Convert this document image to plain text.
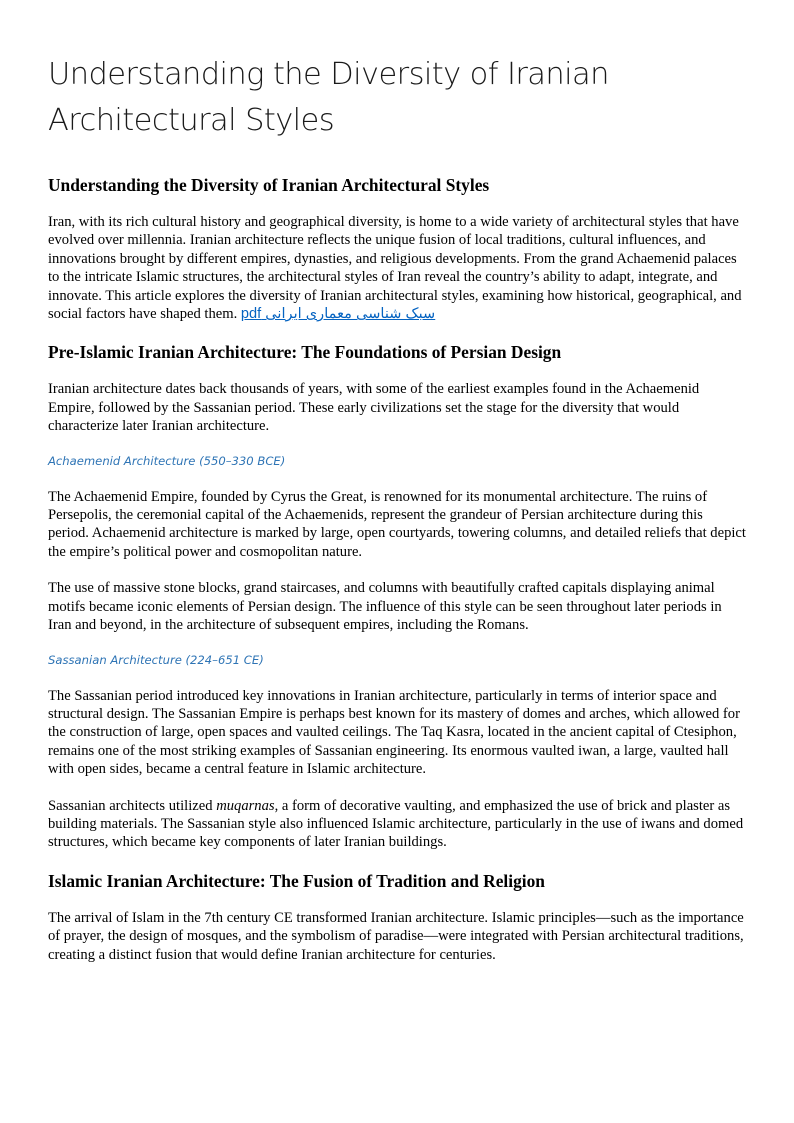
Understanding the Diversity of Iranian Architectural Styles
Understanding the Diversity of Iranian Architectural Styles

Iran, with its rich cultural history and geographical diversity, is home to a wide variety of architectural styles that have evolved over millennia. Iranian architecture reflects the unique fusion of local traditions, cultural influences, and innovations brought by different empires, dynasties, and religious developments. From the grand Achaemenid palaces to the intricate Islamic structures, the architectural styles of Iran reveal the country’s ability to adapt, integrate, and innovate. This article explores the diversity of Iranian architectural styles, examining how historical, geographical, and social factors have shaped them. سبک شناسی معماری ایرانی pdf

Pre-Islamic Iranian Architecture: The Foundations of Persian Design

Iranian architecture dates back thousands of years, with some of the earliest examples found in the Achaemenid Empire, followed by the Sassanian period. These early civilizations set the stage for the diversity that would characterize later Iranian architecture.

Achaemenid Architecture (550–330 BCE)

The Achaemenid Empire, founded by Cyrus the Great, is renowned for its monumental architecture. The ruins of Persepolis, the ceremonial capital of the Achaemenids, represent the grandeur of Persian architecture during this period. Achaemenid architecture is marked by large, open courtyards, towering columns, and detailed reliefs that depict the empire’s political power and cosmopolitan nature.

The use of massive stone blocks, grand staircases, and columns with beautifully crafted capitals displaying animal motifs became iconic elements of Persian design. The influence of this style can be seen throughout later periods in Iran and beyond, in the architecture of subsequent empires, including the Romans.

Sassanian Architecture (224–651 CE)

The Sassanian period introduced key innovations in Iranian architecture, particularly in terms of interior space and structural design. The Sassanian Empire is perhaps best known for its mastery of domes and arches, which allowed for the construction of large, open spaces and vaulted ceilings. The Taq Kasra, located in the ancient capital of Ctesiphon, remains one of the most striking examples of Sassanian engineering. Its enormous vaulted iwan, a large, vaulted hall with open sides, became a central feature in Islamic architecture.

Sassanian architects utilized muqarnas, a form of decorative vaulting, and emphasized the use of brick and plaster as building materials. The Sassanian style also influenced Islamic architecture, particularly in the use of iwans and domed structures, which became key components of later Iranian buildings.

Islamic Iranian Architecture: The Fusion of Tradition and Religion

The arrival of Islam in the 7th century CE transformed Iranian architecture. Islamic principles—such as the importance of prayer, the design of mosques, and the symbolism of paradise—were integrated with Persian architectural traditions, creating a distinct fusion that would define Iranian architecture for centuries.
